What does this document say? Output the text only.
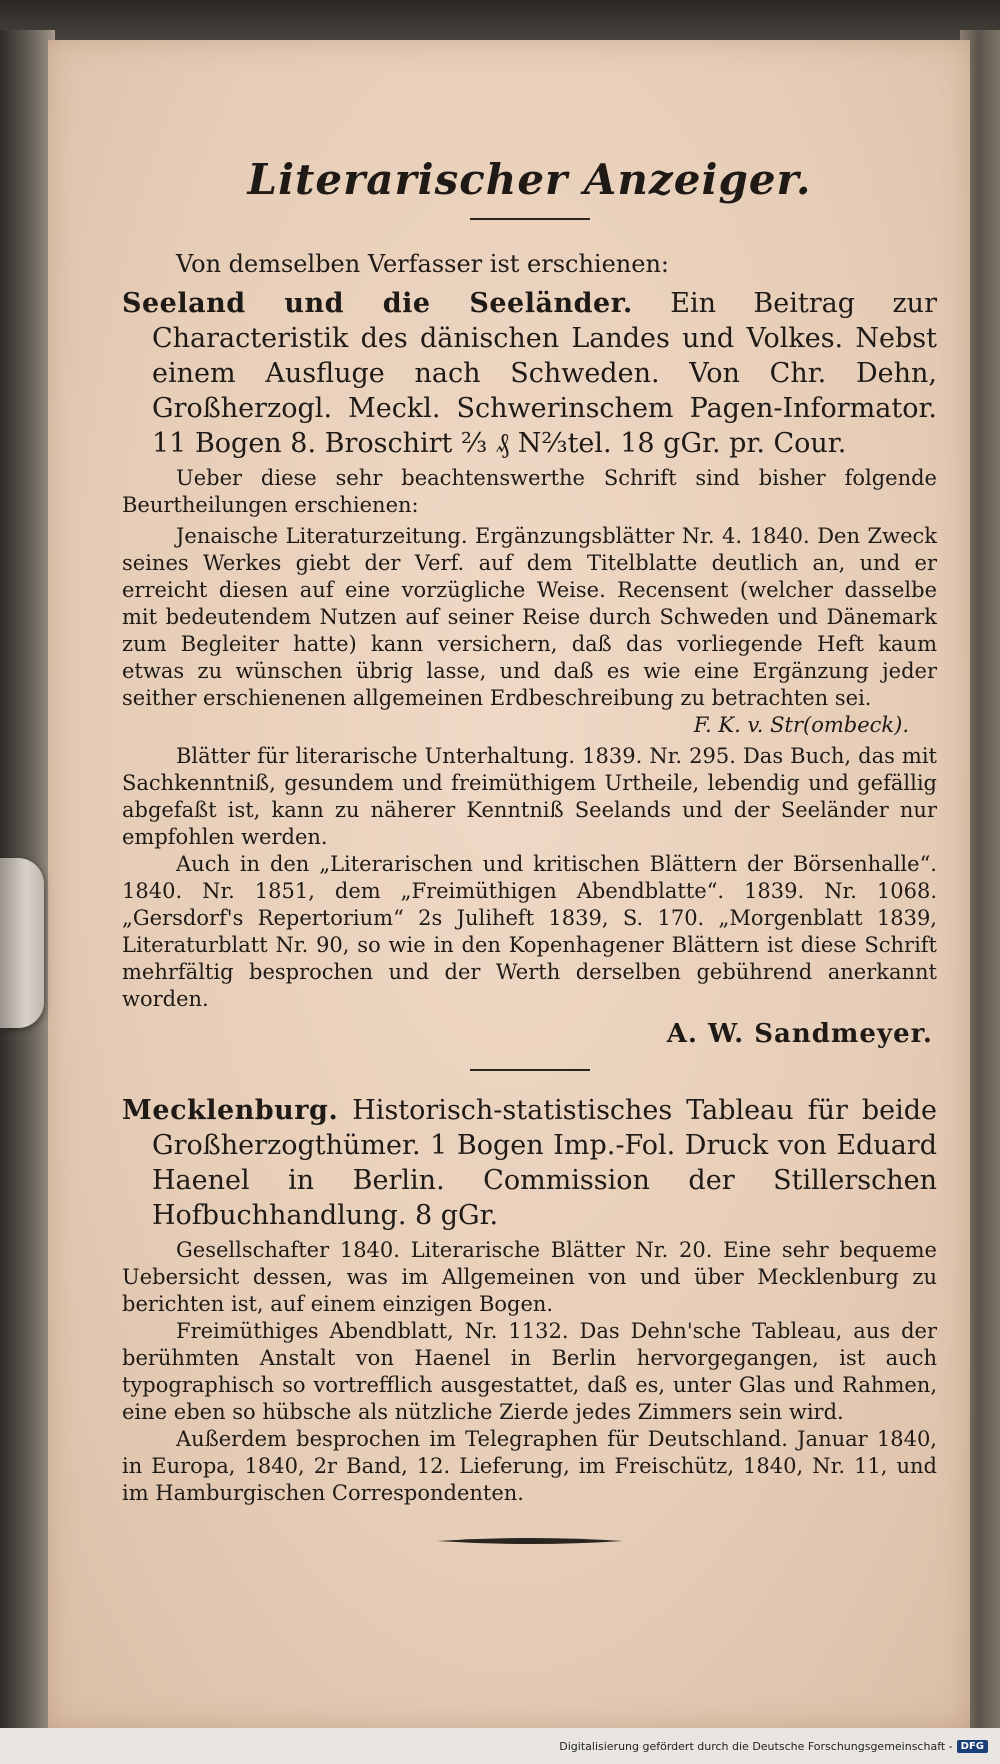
Literarischer Anzeiger.

Von demselben Verfasser ist erschienen:

Seeland und die Seeländer. Ein Beitrag zur Characteristik des dänischen Landes und Volkes. Nebst einem Ausfluge nach Schweden. Von Chr. Dehn, Großherzogl. Meckl. Schwerinschem Pagen-Informator. 11 Bogen 8. Broschirt ⅔ ₰ N⅔tel. 18 gGr. pr. Cour.

Ueber diese sehr beachtenswerthe Schrift sind bisher folgende Beurtheilungen erschienen:

Jenaische Literaturzeitung. Ergänzungsblätter Nr. 4. 1840. Den Zweck seines Werkes giebt der Verf. auf dem Titelblatte deutlich an, und er erreicht diesen auf eine vorzügliche Weise. Recensent (welcher dasselbe mit bedeutendem Nutzen auf seiner Reise durch Schweden und Dänemark zum Begleiter hatte) kann versichern, daß das vorliegende Heft kaum etwas zu wünschen übrig lasse, und daß es wie eine Ergänzung jeder seither erschienenen allgemeinen Erdbeschreibung zu betrachten sei.

F. K. v. Str(ombeck).

Blätter für literarische Unterhaltung. 1839. Nr. 295. Das Buch, das mit Sachkenntniß, gesundem und freimüthigem Urtheile, lebendig und gefällig abgefaßt ist, kann zu näherer Kenntniß Seelands und der Seeländer nur empfohlen werden.

Auch in den „Literarischen und kritischen Blättern der Börsenhalle“. 1840. Nr. 1851, dem „Freimüthigen Abendblatte“. 1839. Nr. 1068. „Gersdorf's Repertorium“ 2s Juliheft 1839, S. 170. „Morgenblatt 1839, Literaturblatt Nr. 90, so wie in den Kopenhagener Blättern ist diese Schrift mehrfältig besprochen und der Werth derselben gebührend anerkannt worden.

A. W. Sandmeyer.

Mecklenburg. Historisch-statistisches Tableau für beide Großherzogthümer. 1 Bogen Imp.-Fol. Druck von Eduard Haenel in Berlin. Commission der Stillerschen Hofbuchhandlung. 8 gGr.

Gesellschafter 1840. Literarische Blätter Nr. 20. Eine sehr bequeme Uebersicht dessen, was im Allgemeinen von und über Mecklenburg zu berichten ist, auf einem einzigen Bogen.

Freimüthiges Abendblatt, Nr. 1132. Das Dehn'sche Tableau, aus der berühmten Anstalt von Haenel in Berlin hervorgegangen, ist auch typographisch so vortrefflich ausgestattet, daß es, unter Glas und Rahmen, eine eben so hübsche als nützliche Zierde jedes Zimmers sein wird.

Außerdem besprochen im Telegraphen für Deutschland. Januar 1840, in Europa, 1840, 2r Band, 12. Lieferung, im Freischütz, 1840, Nr. 11, und im Hamburgischen Correspondenten.

Digitalisierung gefördert durch die Deutsche Forschungsgemeinschaft - DFG
